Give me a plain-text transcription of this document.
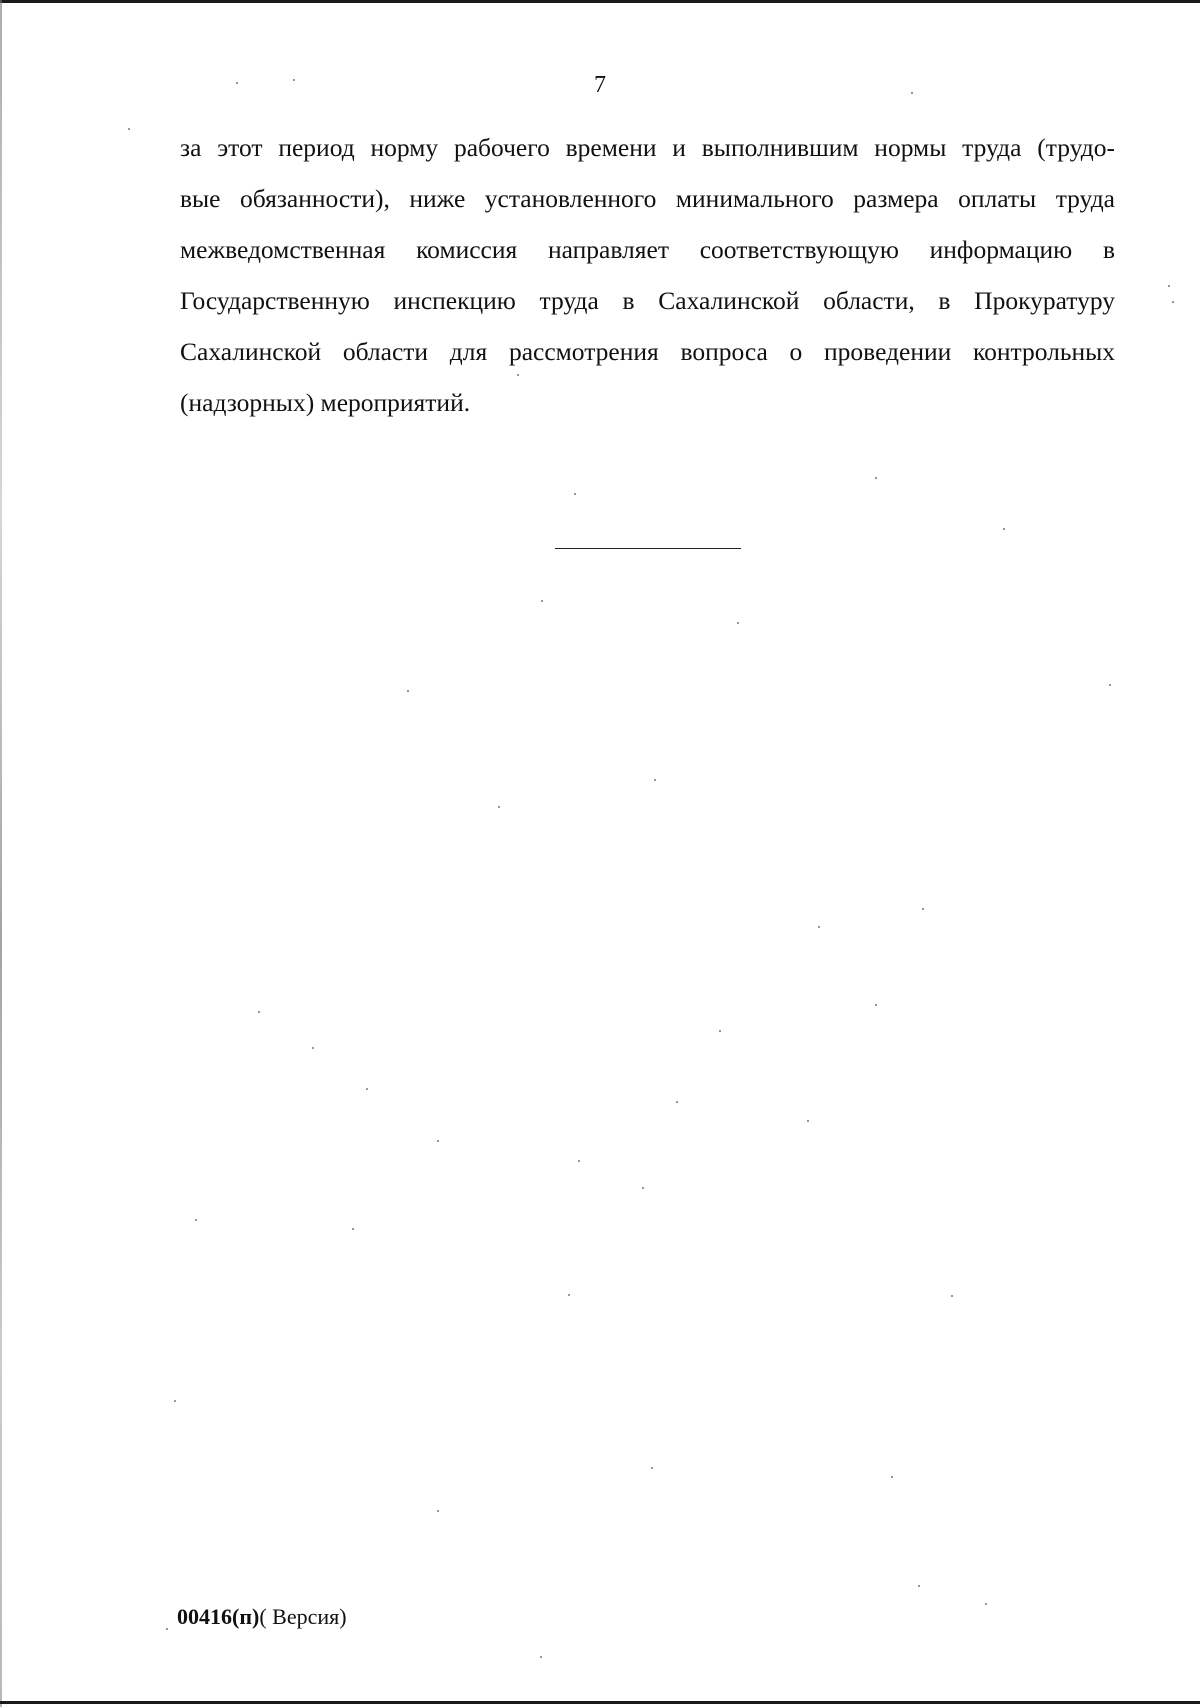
7

за этот период норму рабочего времени и выполнившим нормы труда (трудо-
вые обязанности), ниже установленного минимального размера оплаты труда
межведомственная комиссия направляет соответствующую информацию в
Государственную инспекцию труда в Сахалинской области, в Прокуратуру
Сахалинской области для рассмотрения вопроса о проведении контрольных
(надзорных) мероприятий.

00416(п)( Версия)
